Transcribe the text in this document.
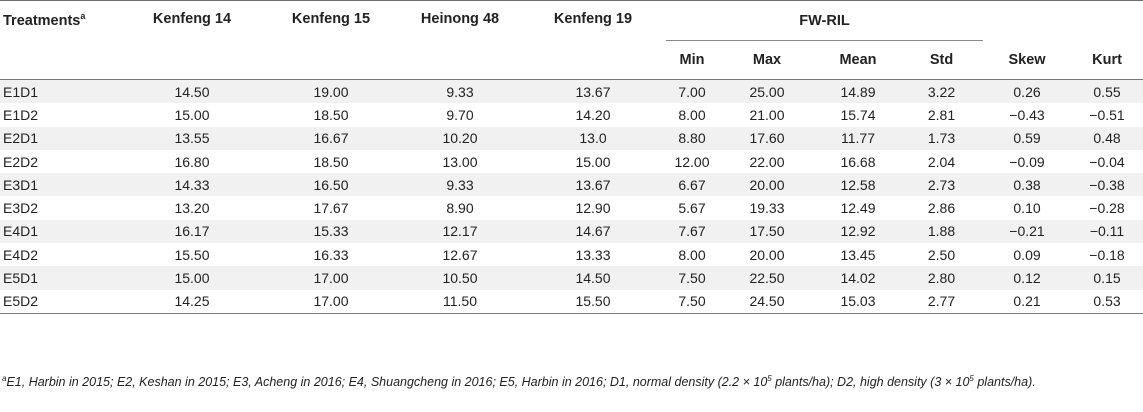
Treatments$^a$	Kenfeng 14	Kenfeng 15	Heinong 48	Kenfeng 19	FW-RIL					
					Min	Max	Mean	Std	Skew	Kurt
E1D1	14.50	19.00	9.33	13.67	7.00	25.00	14.89	3.22	0.26	0.55
E1D2	15.00	18.50	9.70	14.20	8.00	21.00	15.74	2.81	−0.43	−0.51
E2D1	13.55	16.67	10.20	13.0	8.80	17.60	11.77	1.73	0.59	0.48
E2D2	16.80	18.50	13.00	15.00	12.00	22.00	16.68	2.04	−0.09	−0.04
E3D1	14.33	16.50	9.33	13.67	6.67	20.00	12.58	2.73	0.38	−0.38
E3D2	13.20	17.67	8.90	12.90	5.67	19.33	12.49	2.86	0.10	−0.28
E4D1	16.17	15.33	12.17	14.67	7.67	17.50	12.92	1.88	−0.21	−0.11
E4D2	15.50	16.33	12.67	13.33	8.00	20.00	13.45	2.50	0.09	−0.18
E5D1	15.00	17.00	10.50	14.50	7.50	22.50	14.02	2.80	0.12	0.15
E5D2	14.25	17.00	11.50	15.50	7.50	24.50	15.03	2.77	0.21	0.53
$^a$E1, Harbin in 2015; E2, Keshan in 2015; E3, Acheng in 2016; E4, Shuangcheng in 2016; E5, Harbin in 2016; D1, normal density ($2.2 \times 10^5$ plants/ha); D2, high density ($3 \times 10^5$ plants/ha).
